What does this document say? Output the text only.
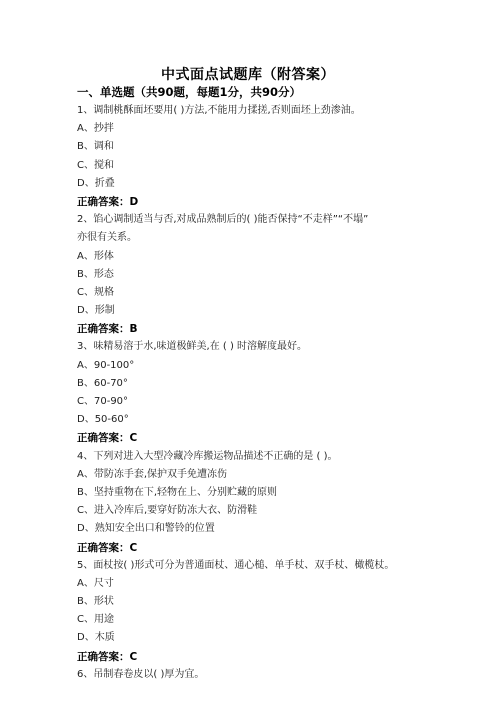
中式面点试题库（附答案）
一、单选题（共90题，每题1分，共90分）
1、调制桃酥面坯要用( )方法,不能用力揉搓,否则面坯上劲渗油。
A、抄拌
B、调和
C、搅和
D、折叠
正确答案：D
2、馅心调制适当与否,对成品熟制后的( )能否保持“不走样”“不塌”
亦很有关系。
A、形体
B、形态
C、规格
D、形制
正确答案：B
3、味精易溶于水,味道极鲜美,在 ( ) 时溶解度最好。
A、90-100°
B、60-70°
C、70-90°
D、50-60°
正确答案：C
4、下列对进入大型冷藏冷库搬运物品描述不正确的是 ( )。
A、带防冻手套,保护双手免遭冻伤
B、坚持重物在下,轻物在上、分别贮藏的原则
C、进入冷库后,要穿好防冻大衣、防滑鞋
D、熟知安全出口和警铃的位置
正确答案：C
5、面杖按( )形式可分为普通面杖、通心槌、单手杖、双手杖、橄榄杖。
A、尺寸
B、形状
C、用途
D、木质
正确答案：C
6、吊制春卷皮以( )厚为宜。
